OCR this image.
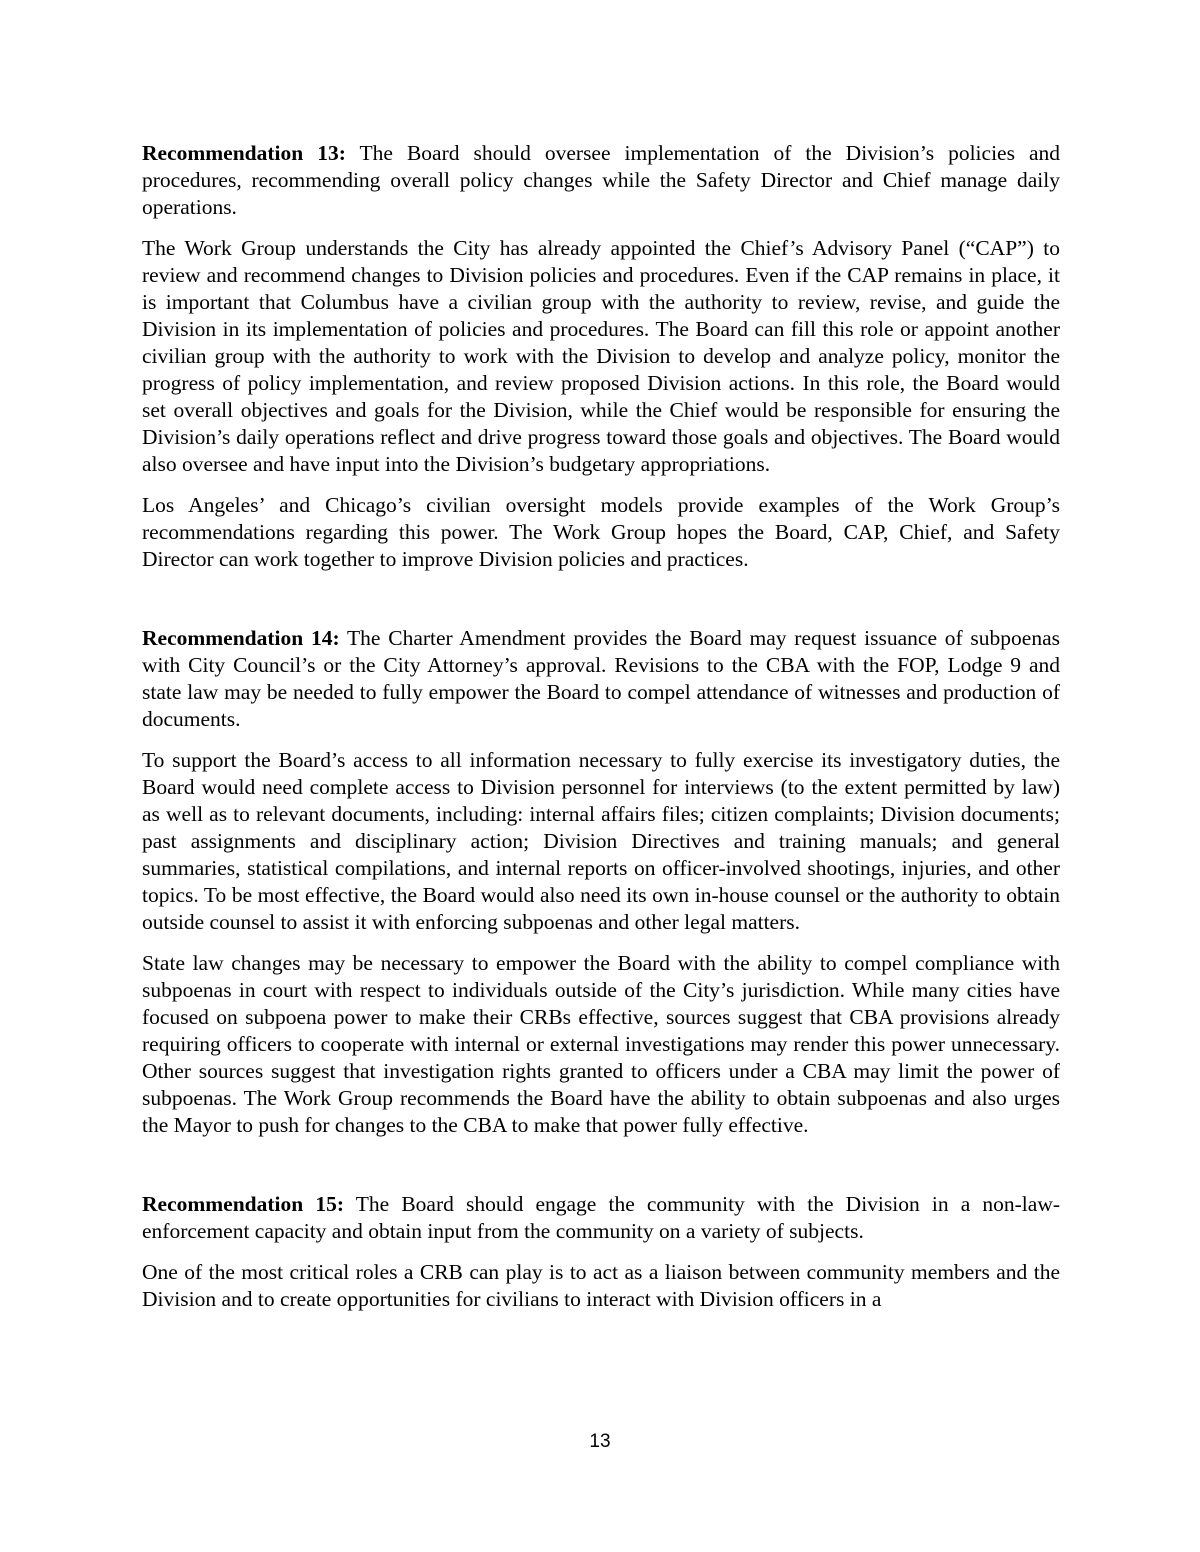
Recommendation 13: The Board should oversee implementation of the Division’s policies and procedures, recommending overall policy changes while the Safety Director and Chief manage daily operations.

The Work Group understands the City has already appointed the Chief’s Advisory Panel (“CAP”) to review and recommend changes to Division policies and procedures. Even if the CAP remains in place, it is important that Columbus have a civilian group with the authority to review, revise, and guide the Division in its implementation of policies and procedures. The Board can fill this role or appoint another civilian group with the authority to work with the Division to develop and analyze policy, monitor the progress of policy implementation, and review proposed Division actions. In this role, the Board would set overall objectives and goals for the Division, while the Chief would be responsible for ensuring the Division’s daily operations reflect and drive progress toward those goals and objectives. The Board would also oversee and have input into the Division’s budgetary appropriations.

Los Angeles’ and Chicago’s civilian oversight models provide examples of the Work Group’s recommendations regarding this power. The Work Group hopes the Board, CAP, Chief, and Safety Director can work together to improve Division policies and practices.

Recommendation 14: The Charter Amendment provides the Board may request issuance of subpoenas with City Council’s or the City Attorney’s approval. Revisions to the CBA with the FOP, Lodge 9 and state law may be needed to fully empower the Board to compel attendance of witnesses and production of documents.

To support the Board’s access to all information necessary to fully exercise its investigatory duties, the Board would need complete access to Division personnel for interviews (to the extent permitted by law) as well as to relevant documents, including: internal affairs files; citizen complaints; Division documents; past assignments and disciplinary action; Division Directives and training manuals; and general summaries, statistical compilations, and internal reports on officer-involved shootings, injuries, and other topics. To be most effective, the Board would also need its own in-house counsel or the authority to obtain outside counsel to assist it with enforcing subpoenas and other legal matters.

State law changes may be necessary to empower the Board with the ability to compel compliance with subpoenas in court with respect to individuals outside of the City’s jurisdiction. While many cities have focused on subpoena power to make their CRBs effective, sources suggest that CBA provisions already requiring officers to cooperate with internal or external investigations may render this power unnecessary. Other sources suggest that investigation rights granted to officers under a CBA may limit the power of subpoenas. The Work Group recommends the Board have the ability to obtain subpoenas and also urges the Mayor to push for changes to the CBA to make that power fully effective.

Recommendation 15: The Board should engage the community with the Division in a non-law-enforcement capacity and obtain input from the community on a variety of subjects.

One of the most critical roles a CRB can play is to act as a liaison between community members and the Division and to create opportunities for civilians to interact with Division officers in a

13
